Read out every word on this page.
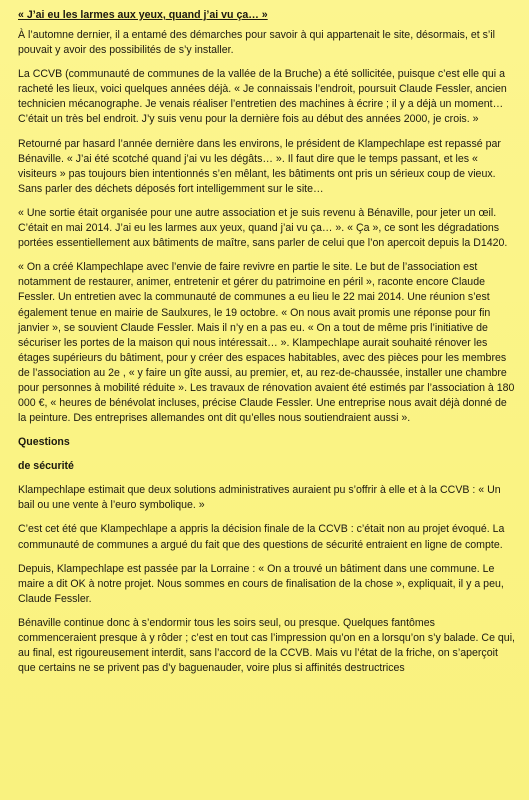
« J’ai eu les larmes aux yeux, quand j’ai vu ça… »

À l’automne dernier, il a entamé des démarches pour savoir à qui appartenait le site, désormais, et s’il pouvait y avoir des possibilités de s’y installer.

La CCVB (communauté de communes de la vallée de la Bruche) a été sollicitée, puisque c’est elle qui a racheté les lieux, voici quelques années déjà. « Je connaissais l’endroit, poursuit Claude Fessler, ancien technicien mécanographe. Je venais réaliser l’entretien des machines à écrire ; il y a déjà un moment… C’était un très bel endroit. J’y suis venu pour la dernière fois au début des années 2000, je crois. »

Retourné par hasard l’année dernière dans les environs, le président de Klampechlape est repassé par Bénaville. « J’ai été scotché quand j’ai vu les dégâts… ». Il faut dire que le temps passant, et les « visiteurs » pas toujours bien intentionnés s’en mêlant, les bâtiments ont pris un sérieux coup de vieux. Sans parler des déchets déposés fort intelligemment sur le site…

« Une sortie était organisée pour une autre association et je suis revenu à Bénaville, pour jeter un œil. C’était en mai 2014. J’ai eu les larmes aux yeux, quand j’ai vu ça… ». « Ça », ce sont les dégradations portées essentiellement aux bâtiments de maître, sans parler de celui que l’on apercoit depuis la D1420.

« On a créé Klampechlape avec l’envie de faire revivre en partie le site. Le but de l’association est notamment de restaurer, animer, entretenir et gérer du patrimoine en péril », raconte encore Claude Fessler. Un entretien avec la communauté de communes a eu lieu le 22 mai 2014. Une réunion s’est également tenue en mairie de Saulxures, le 19 octobre. « On nous avait promis une réponse pour fin janvier », se souvient Claude Fessler. Mais il n’y en a pas eu. « On a tout de même pris l’initiative de sécuriser les portes de la maison qui nous intéressait… ». Klampechlape aurait souhaité rénover les étages supérieurs du bâtiment, pour y créer des espaces habitables, avec des pièces pour les membres de l’association au 2e , « y faire un gîte aussi, au premier, et, au rez-de-chaussée, installer une chambre pour personnes à mobilité réduite ». Les travaux de rénovation avaient été estimés par l’association à 180 000 €, « heures de bénévolat incluses, précise Claude Fessler. Une entreprise nous avait déjà donné de la peinture. Des entreprises allemandes ont dit qu’elles nous soutiendraient aussi ».

Questions
de sécurité

Klampechlape estimait que deux solutions administratives auraient pu s’offrir à elle et à la CCVB : « Un bail ou une vente à l’euro symbolique. »

C’est cet été que Klampechlape a appris la décision finale de la CCVB : c’était non au projet évoqué. La communauté de communes a argué du fait que des questions de sécurité entraient en ligne de compte.

Depuis, Klampechlape est passée par la Lorraine : « On a trouvé un bâtiment dans une commune. Le maire a dit OK à notre projet. Nous sommes en cours de finalisation de la chose », expliquait, il y a peu, Claude Fessler.

Bénaville continue donc à s’endormir tous les soirs seul, ou presque. Quelques fantômes commenceraient presque à y rôder ; c’est en tout cas l’impression qu’on en a lorsqu’on s’y balade. Ce qui, au final, est rigoureusement interdit, sans l’accord de la CCVB. Mais vu l’état de la friche, on s’aperçoit que certains ne se privent pas d’y baguenauder, voire plus si affinités destructrices
